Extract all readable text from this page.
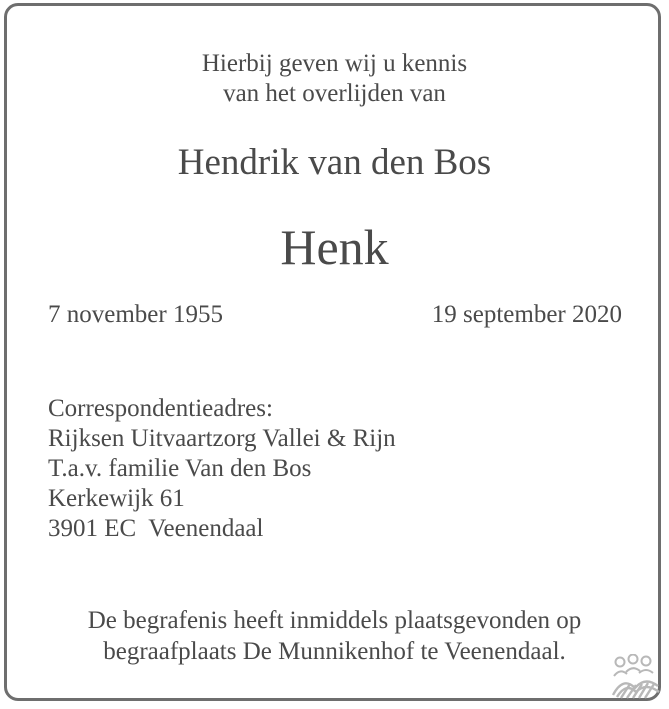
Hierbij geven wij u kennis
van het overlijden van
Hendrik van den Bos
Henk
7 november 1955	19 september 2020
Correspondentieadres:
Rijksen Uitvaartzorg Vallei & Rijn
T.a.v. familie Van den Bos
Kerkewijk 61
3901 EC  Veenendaal
De begrafenis heeft inmiddels plaatsgevonden op
begraafplaats De Munnikenhof te Veenendaal.
